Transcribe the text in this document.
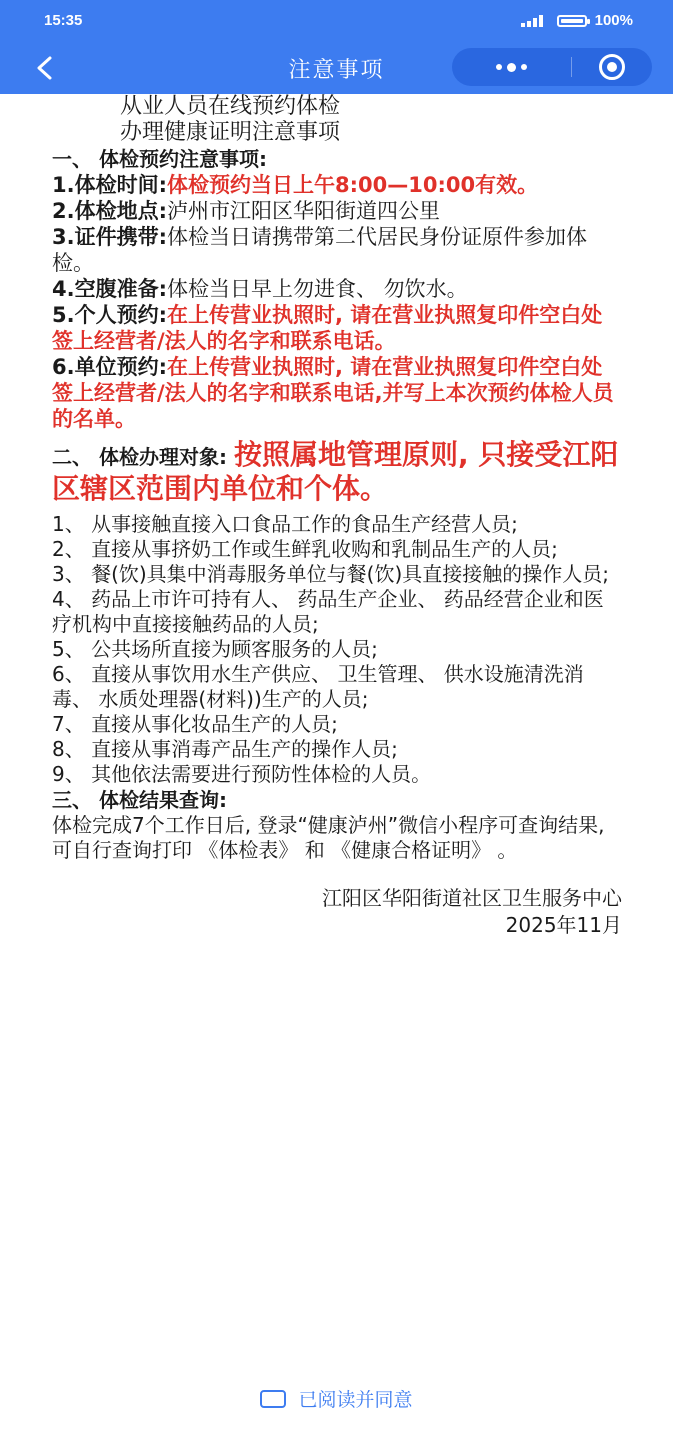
15:35	100%
注意事项

从业人员在线预约体检

办理健康证明注意事项

一、 体检预约注意事项:

1.体检时间:体检预约当日上午8:00—10:00有效。

2.体检地点:泸州市江阳区华阳街道四公里

3.证件携带:体检当日请携带第二代居民身份证原件参加体检。

4.空腹准备:体检当日早上勿进食、 勿饮水。

5.个人预约:在上传营业执照时, 请在营业执照复印件空白处签上经营者/法人的名字和联系电话。

6.单位预约:在上传营业执照时, 请在营业执照复印件空白处签上经营者/法人的名字和联系电话,并写上本次预约体检人员的名单。

二、 体检办理对象: 按照属地管理原则, 只接受江阳区辖区范围内单位和个体。

1、 从事接触直接入口食品工作的食品生产经营人员;

2、 直接从事挤奶工作或生鲜乳收购和乳制品生产的人员;

3、 餐(饮)具集中消毒服务单位与餐(饮)具直接接触的操作人员;

4、 药品上市许可持有人、 药品生产企业、 药品经营企业和医疗机构中直接接触药品的人员;

5、 公共场所直接为顾客服务的人员;

6、 直接从事饮用水生产供应、 卫生管理、 供水设施清洗消毒、 水质处理器(材料))生产的人员;

7、 直接从事化妆品生产的人员;

8、 直接从事消毒产品生产的操作人员;

9、 其他依法需要进行预防性体检的人员。

三、 体检结果查询:

体检完成7个工作日后, 登录“健康泸州”微信小程序可查询结果, 可自行查询打印 《体检表》 和 《健康合格证明》 。

江阳区华阳街道社区卫生服务中心

2025年11月

已阅读并同意
